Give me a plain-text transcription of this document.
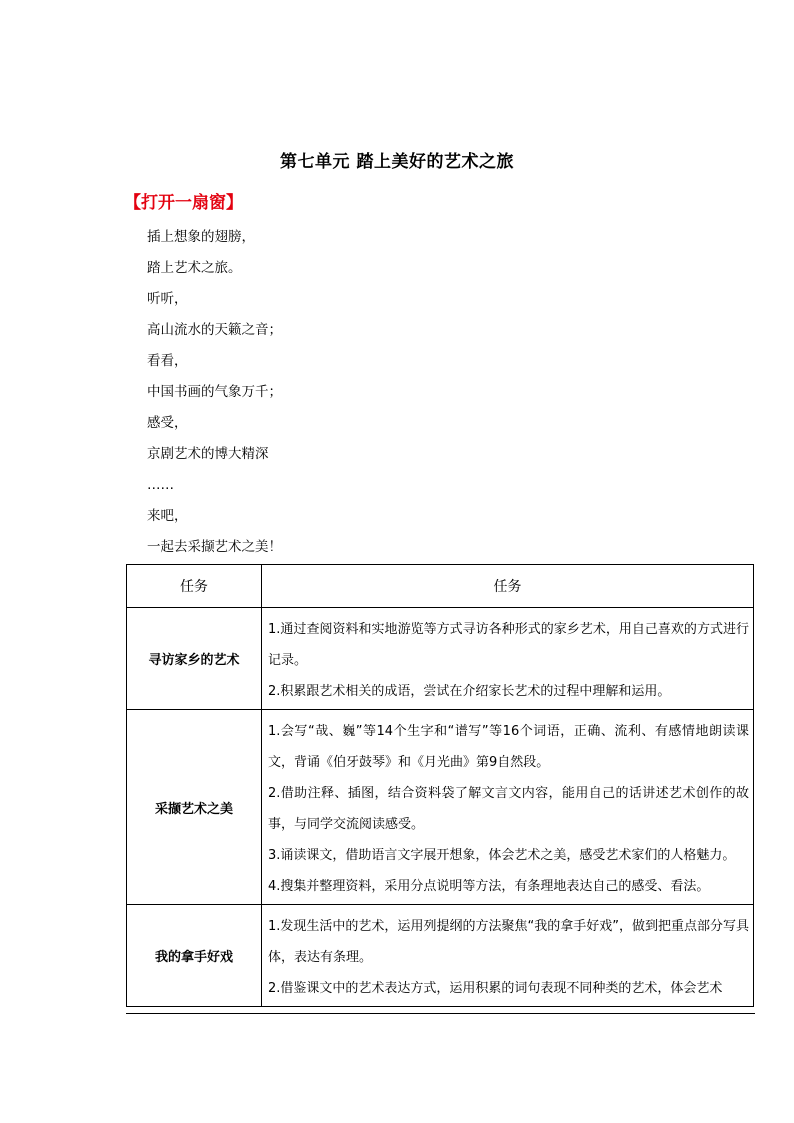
第七单元 踏上美好的艺术之旅
【打开一扇窗】
插上想象的翅膀，
踏上艺术之旅。
听听，
高山流水的天籁之音；
看看，
中国书画的气象万千；
感受，
京剧艺术的博大精深
……
来吧，
一起去采撷艺术之美！
任务	任务
寻访家乡的艺术	1.通过查阅资料和实地游览等方式寻访各种形式的家乡艺术，用自己喜欢的方式进行记录。
2.积累跟艺术相关的成语，尝试在介绍家长艺术的过程中理解和运用。

采撷艺术之美	1.会写“哉、巍”等14个生字和“谱写”等16个词语，正确、流利、有感情地朗读课文，背诵《伯牙鼓琴》和《月光曲》第9自然段。
2.借助注释、插图，结合资料袋了解文言文内容，能用自己的话讲述艺术创作的故事，与同学交流阅读感受。
3.诵读课文，借助语言文字展开想象，体会艺术之美，感受艺术家们的人格魅力。
4.搜集并整理资料，采用分点说明等方法，有条理地表达自己的感受、看法。

我的拿手好戏	1.发现生活中的艺术，运用列提纲的方法聚焦“我的拿手好戏”，做到把重点部分写具体，表达有条理。
2.借鉴课文中的艺术表达方式，运用积累的词句表现不同种类的艺术，体会艺术
